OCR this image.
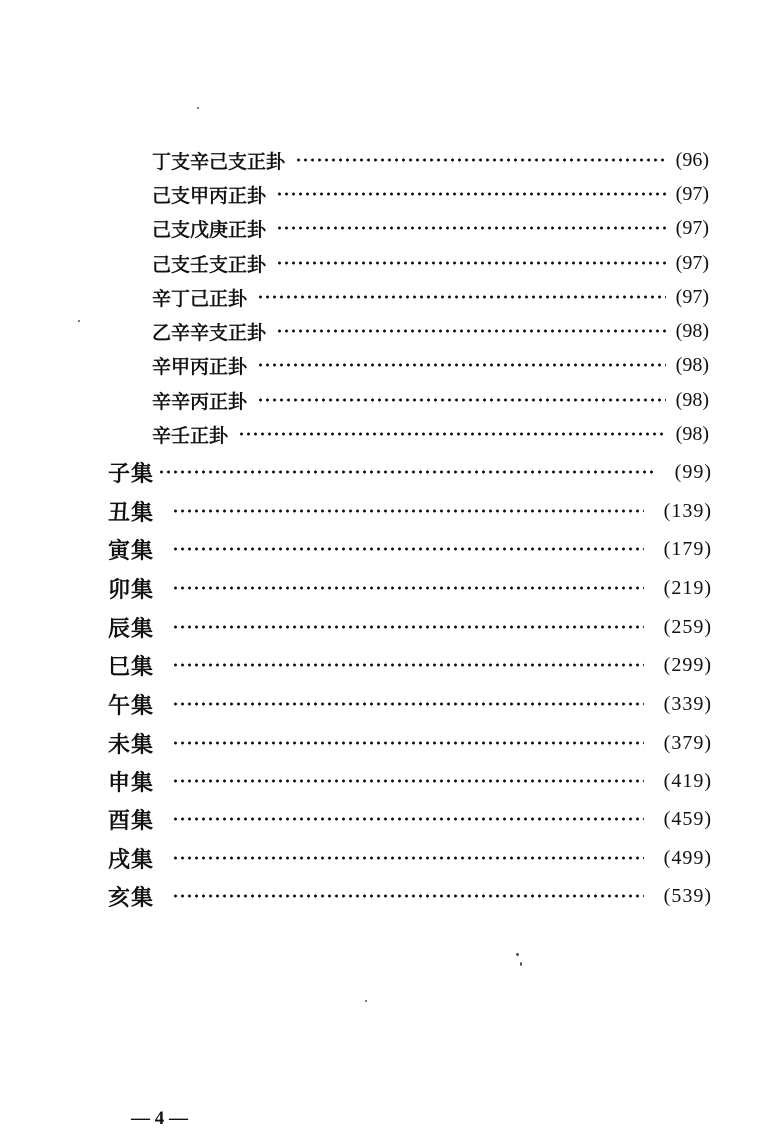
丁支辛己支正卦	(96)
己支甲丙正卦	(97)
己支戊庚正卦	(97)
己支壬支正卦	(97)
辛丁己正卦	(97)
乙辛辛支正卦	(98)
辛甲丙正卦	(98)
辛辛丙正卦	(98)
辛壬正卦	(98)
子集	(99)
丑集	(139)
寅集	(179)
卯集	(219)
辰集	(259)
巳集	(299)
午集	(339)
未集	(379)
申集	(419)
酉集	(459)
戌集	(499)
亥集	(539)
— 4 —
